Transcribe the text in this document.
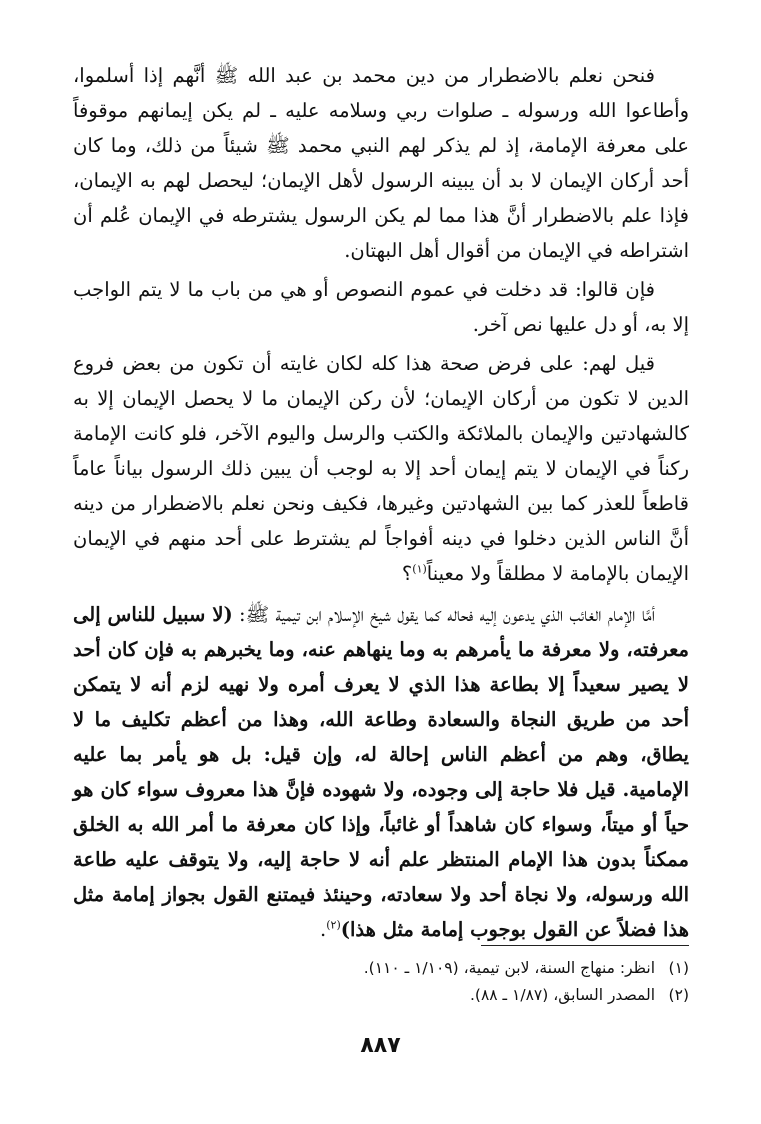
فنحن نعلم بالاضطرار من دين محمد بن عبد الله ﷺ أنَّهم إذا أسلموا، وأطاعوا الله ورسوله ـ صلوات ربي وسلامه عليه ـ لم يكن إيمانهم موقوفاً على معرفة الإمامة، إذ لم يذكر لهم النبي محمد ﷺ شيئاً من ذلك، وما كان أحد أركان الإيمان لا بد أن يبينه الرسول لأهل الإيمان؛ ليحصل لهم به الإيمان، فإذا علم بالاضطرار أنَّ هذا مما لم يكن الرسول يشترطه في الإيمان عُلم أن اشتراطه في الإيمان من أقوال أهل البهتان.

فإن قالوا: قد دخلت في عموم النصوص أو هي من باب ما لا يتم الواجب إلا به، أو دل عليها نص آخر.

قيل لهم: على فرض صحة هذا كله لكان غايته أن تكون من بعض فروع الدين لا تكون من أركان الإيمان؛ لأن ركن الإيمان ما لا يحصل الإيمان إلا به كالشهادتين والإيمان بالملائكة والكتب والرسل واليوم الآخر، فلو كانت الإمامة ركناً في الإيمان لا يتم إيمان أحد إلا به لوجب أن يبين ذلك الرسول بياناً عاماً قاطعاً للعذر كما بين الشهادتين وغيرها، فكيف ونحن نعلم بالاضطرار من دينه أنَّ الناس الذين دخلوا في دينه أفواجاً لم يشترط على أحد منهم في الإيمان الإيمان بالإمامة لا مطلقاً ولا معيناً$^{(١)}$؟

أمَّا الإمام الغائب الذي يدعون إليه فحاله كما يقول شيخ الإسلام ابن تيمية ﷺ: (لا سبيل للناس إلى معرفته، ولا معرفة ما يأمرهم به وما ينهاهم عنه، وما يخبرهم به فإن كان أحد لا يصير سعيداً إلا بطاعة هذا الذي لا يعرف أمره ولا نهيه لزم أنه لا يتمكن أحد من طريق النجاة والسعادة وطاعة الله، وهذا من أعظم تكليف ما لا يطاق، وهم من أعظم الناس إحالة له، وإن قيل: بل هو يأمر بما عليه الإمامية. قيل فلا حاجة إلى وجوده، ولا شهوده فإنَّ هذا معروف سواء كان هو حياً أو ميتاً، وسواء كان شاهداً أو غائباً، وإذا كان معرفة ما أمر الله به الخلق ممكناً بدون هذا الإمام المنتظر علم أنه لا حاجة إليه، ولا يتوقف عليه طاعة الله ورسوله، ولا نجاة أحد ولا سعادته، وحينئذ فيمتنع القول بجواز إمامة مثل هذا فضلاً عن القول بوجوب إمامة مثل هذا)$^{(٢)}$.

(١)انظر: منهاج السنة، لابن تيمية، (١/١٠٩ ـ ١١٠).

(٢)المصدر السابق، (١/٨٧ ـ ٨٨).

٨٨٧
